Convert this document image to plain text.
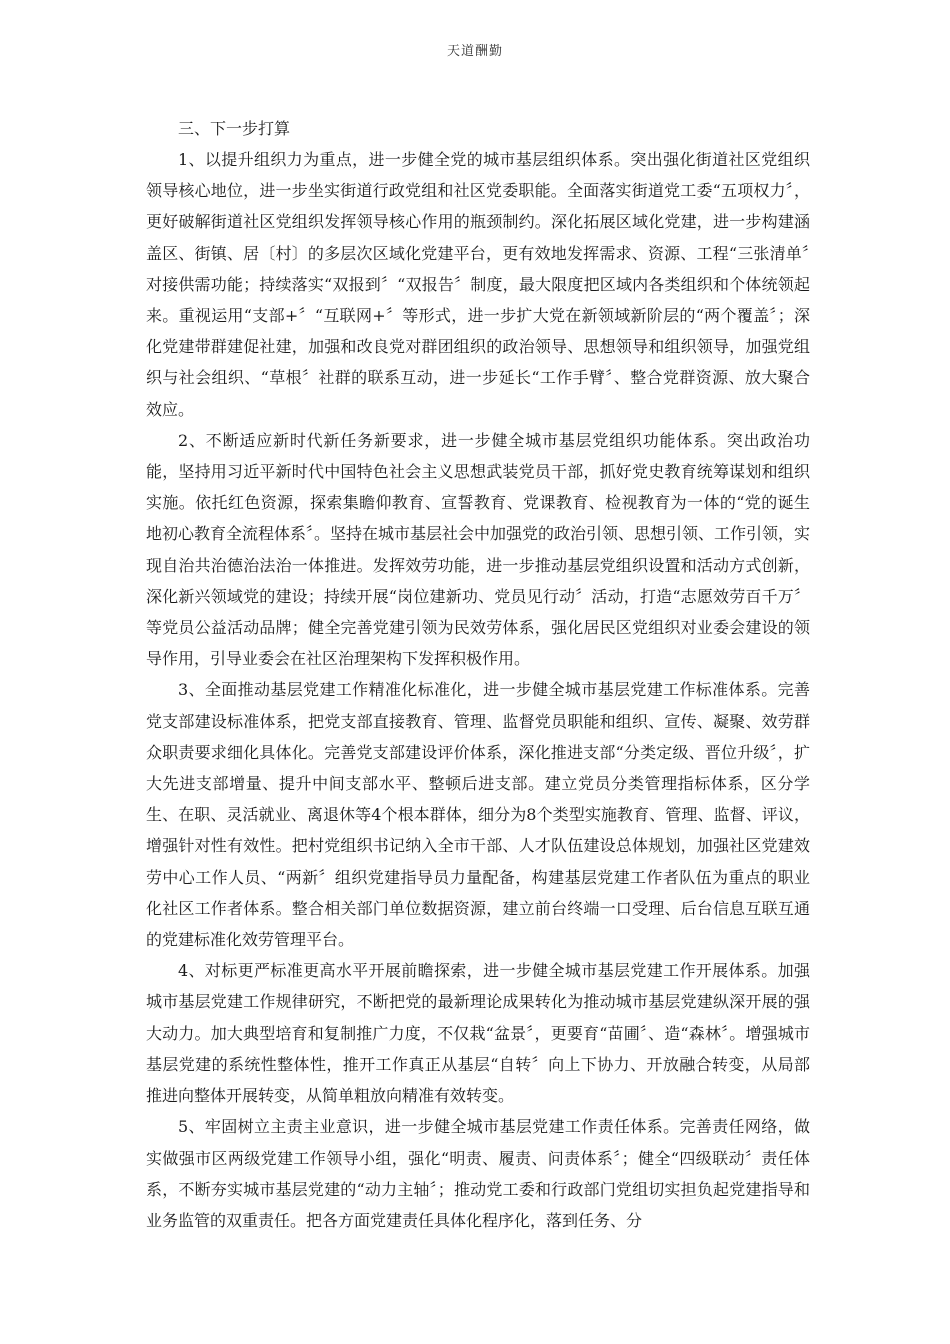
天道酬勤

三、下一步打算

1、以提升组织力为重点，进一步健全党的城市基层组织体系。突出强化街道社区党组织领导核心地位，进一步坐实街道行政党组和社区党委职能。全面落实街道党工委“五项权力〞，更好破解街道社区党组织发挥领导核心作用的瓶颈制约。深化拓展区域化党建，进一步构建涵盖区、街镇、居〔村〕的多层次区域化党建平台，更有效地发挥需求、资源、工程“三张清单〞对接供需功能；持续落实“双报到〞“双报告〞制度，最大限度把区域内各类组织和个体统领起来。重视运用“支部+〞“互联网+〞等形式，进一步扩大党在新领域新阶层的“两个覆盖〞；深化党建带群建促社建，加强和改良党对群团组织的政治领导、思想领导和组织领导，加强党组织与社会组织、“草根〞社群的联系互动，进一步延长“工作手臂〞、整合党群资源、放大聚合效应。

2、不断适应新时代新任务新要求，进一步健全城市基层党组织功能体系。突出政治功能，坚持用习近平新时代中国特色社会主义思想武装党员干部，抓好党史教育统筹谋划和组织实施。依托红色资源，探索集瞻仰教育、宣誓教育、党课教育、检视教育为一体的“党的诞生地初心教育全流程体系〞。坚持在城市基层社会中加强党的政治引领、思想引领、工作引领，实现自治共治德治法治一体推进。发挥效劳功能，进一步推动基层党组织设置和活动方式创新，深化新兴领域党的建设；持续开展“岗位建新功、党员见行动〞活动，打造“志愿效劳百千万〞等党员公益活动品牌；健全完善党建引领为民效劳体系，强化居民区党组织对业委会建设的领导作用，引导业委会在社区治理架构下发挥积极作用。

3、全面推动基层党建工作精准化标准化，进一步健全城市基层党建工作标准体系。完善党支部建设标准体系，把党支部直接教育、管理、监督党员职能和组织、宣传、凝聚、效劳群众职责要求细化具体化。完善党支部建设评价体系，深化推进支部“分类定级、晋位升级〞，扩大先进支部增量、提升中间支部水平、整顿后进支部。建立党员分类管理指标体系，区分学生、在职、灵活就业、离退休等4个根本群体，细分为8个类型实施教育、管理、监督、评议，增强针对性有效性。把村党组织书记纳入全市干部、人才队伍建设总体规划，加强社区党建效劳中心工作人员、“两新〞组织党建指导员力量配备，构建基层党建工作者队伍为重点的职业化社区工作者体系。整合相关部门单位数据资源，建立前台终端一口受理、后台信息互联互通的党建标准化效劳管理平台。

4、对标更严标准更高水平开展前瞻探索，进一步健全城市基层党建工作开展体系。加强城市基层党建工作规律研究，不断把党的最新理论成果转化为推动城市基层党建纵深开展的强大动力。加大典型培育和复制推广力度，不仅栽“盆景〞，更要育“苗圃〞、造“森林〞。增强城市基层党建的系统性整体性，推开工作真正从基层“自转〞向上下协力、开放融合转变，从局部推进向整体开展转变，从简单粗放向精准有效转变。

5、牢固树立主责主业意识，进一步健全城市基层党建工作责任体系。完善责任网络，做实做强市区两级党建工作领导小组，强化“明责、履责、问责体系〞；健全“四级联动〞责任体系，不断夯实城市基层党建的“动力主轴〞；推动党工委和行政部门党组切实担负起党建指导和业务监管的双重责任。把各方面党建责任具体化程序化，落到任务、分
